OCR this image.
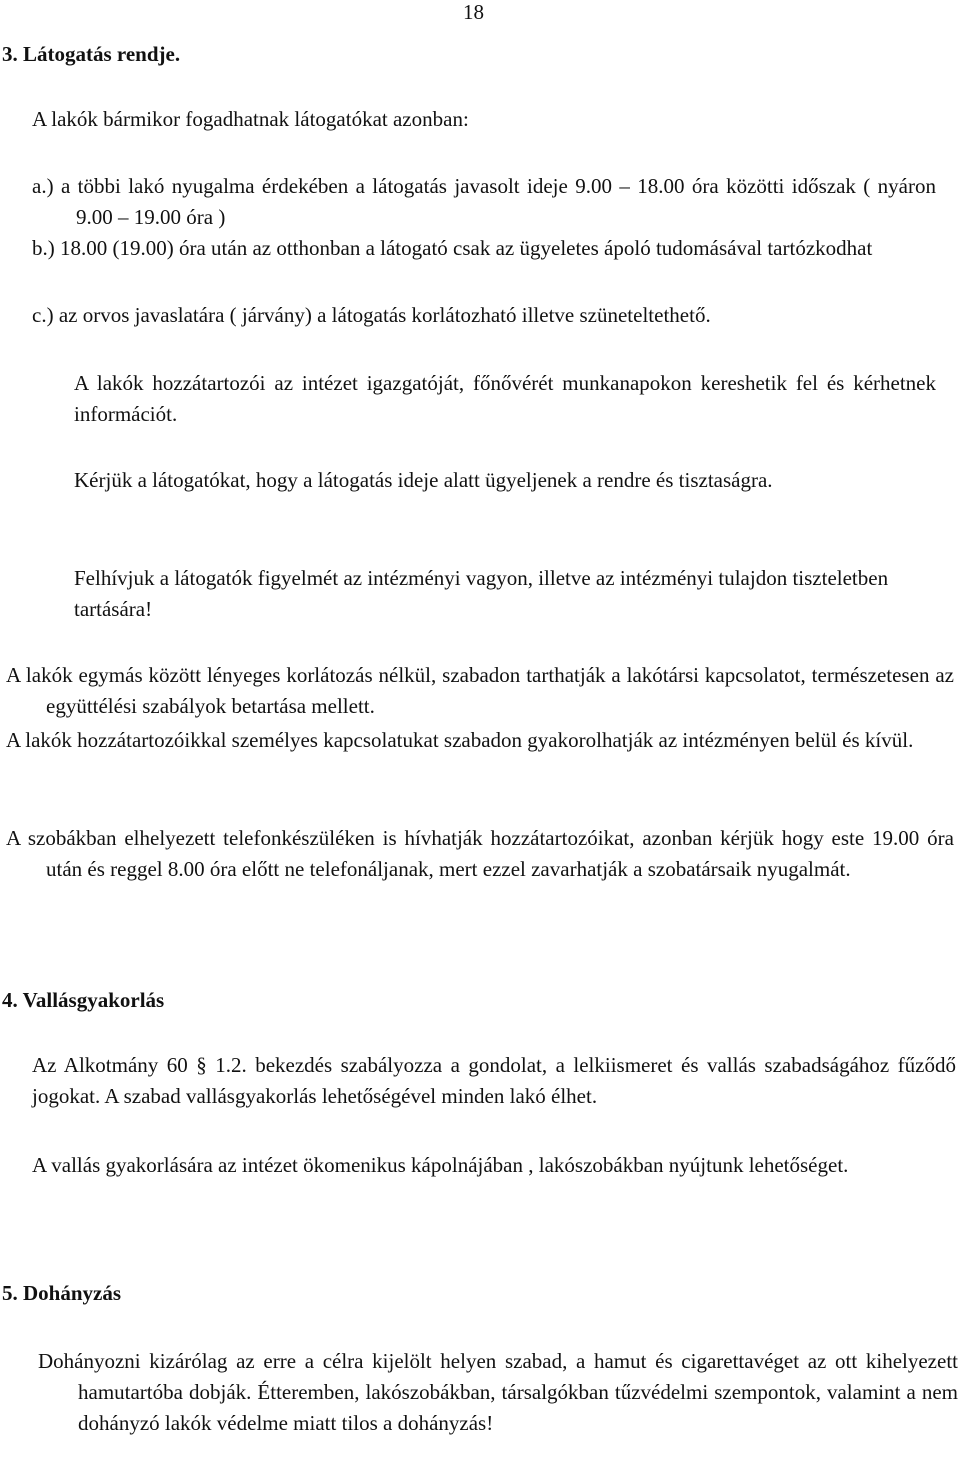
18

3. Látogatás rendje.

A lakók bármikor fogadhatnak látogatókat azonban:

a.) a többi lakó nyugalma érdekében a látogatás javasolt ideje 9.00 – 18.00 óra közötti időszak ( nyáron 9.00 – 19.00 óra )

b.) 18.00 (19.00) óra után az otthonban a látogató csak az ügyeletes ápoló tudomásával tartózkodhat

c.) az orvos javaslatára ( járvány) a látogatás korlátozható illetve szüneteltethető.

A lakók hozzátartozói az intézet igazgatóját, főnővérét munkanapokon kereshetik fel és kérhetnek információt.

Kérjük a látogatókat, hogy a látogatás ideje alatt ügyeljenek a rendre és tisztaságra.

Felhívjuk a látogatók figyelmét az intézményi vagyon, illetve az intézményi tulajdon tiszteletben tartására!

A lakók egymás között lényeges korlátozás nélkül, szabadon tarthatják a lakótársi kapcsolatot, természetesen az együttélési szabályok betartása mellett.

A lakók hozzátartozóikkal személyes kapcsolatukat szabadon gyakorolhatják az intézményen belül és kívül.

A szobákban elhelyezett telefonkészüléken is hívhatják hozzátartozóikat, azonban kérjük hogy este 19.00 óra után és reggel 8.00 óra előtt ne telefonáljanak, mert ezzel zavarhatják a szobatársaik nyugalmát.

4. Vallásgyakorlás

Az Alkotmány 60 § 1.2. bekezdés szabályozza a gondolat, a lelkiismeret és vallás szabadságához fűződő jogokat. A szabad vallásgyakorlás lehetőségével minden lakó élhet.

A vallás gyakorlására az intézet ökomenikus kápolnájában , lakószobákban nyújtunk lehetőséget.

5. Dohányzás

Dohányozni kizárólag az erre a célra kijelölt helyen szabad, a hamut és cigarettavéget az ott kihelyezett hamutartóba dobják. Étteremben, lakószobákban, társalgókban tűzvédelmi szempontok, valamint a nem dohányzó lakók védelme miatt tilos a dohányzás!
